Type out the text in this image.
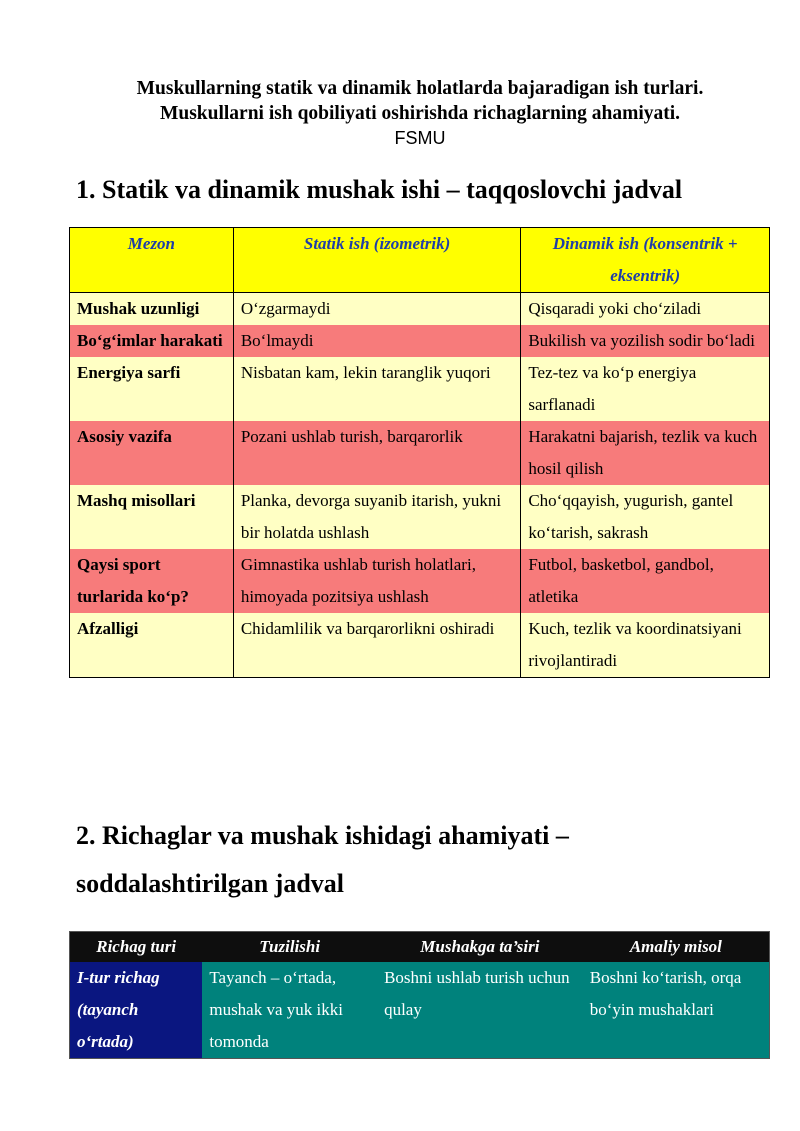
Muskullarning statik va dinamik holatlarda bajaradigan ish turlari.

Muskullarni ish qobiliyati oshirishda richaglarning ahamiyati.

FSMU

1. Statik va dinamik mushak ishi – taqqoslovchi jadval
Mezon	Statik ish (izometrik)	Dinamik ish (konsentrik + eksentrik)
Mushak uzunligi	O‘zgarmaydi	Qisqaradi yoki cho‘ziladi
Bo‘g‘imlar harakati	Bo‘lmaydi	Bukilish va yozilish sodir bo‘ladi
Energiya sarfi	Nisbatan kam, lekin taranglik yuqori	Tez-tez va ko‘p energiya sarflanadi
Asosiy vazifa	Pozani ushlab turish, barqarorlik	Harakatni bajarish, tezlik va kuch hosil qilish
Mashq misollari	Planka, devorga suyanib itarish, yukni bir holatda ushlash	Cho‘qqayish, yugurish, gantel ko‘tarish, sakrash
Qaysi sport turlarida ko‘p?	Gimnastika ushlab turish holatlari, himoyada pozitsiya ushlash	Futbol, basketbol, gandbol, atletika
Afzalligi	Chidamlilik va barqarorlikni oshiradi	Kuch, tezlik va koordinatsiyani rivojlantiradi
2. Richaglar va mushak ishidagi ahamiyati –
soddalashtirilgan jadval
Richag turi	Tuzilishi	Mushakga ta’siri	Amaliy misol
I-tur richag (tayanch o‘rtada)	Tayanch – o‘rtada, mushak va yuk ikki tomonda	Boshni ushlab turish uchun qulay	Boshni ko‘tarish, orqa bo‘yin mushaklari
